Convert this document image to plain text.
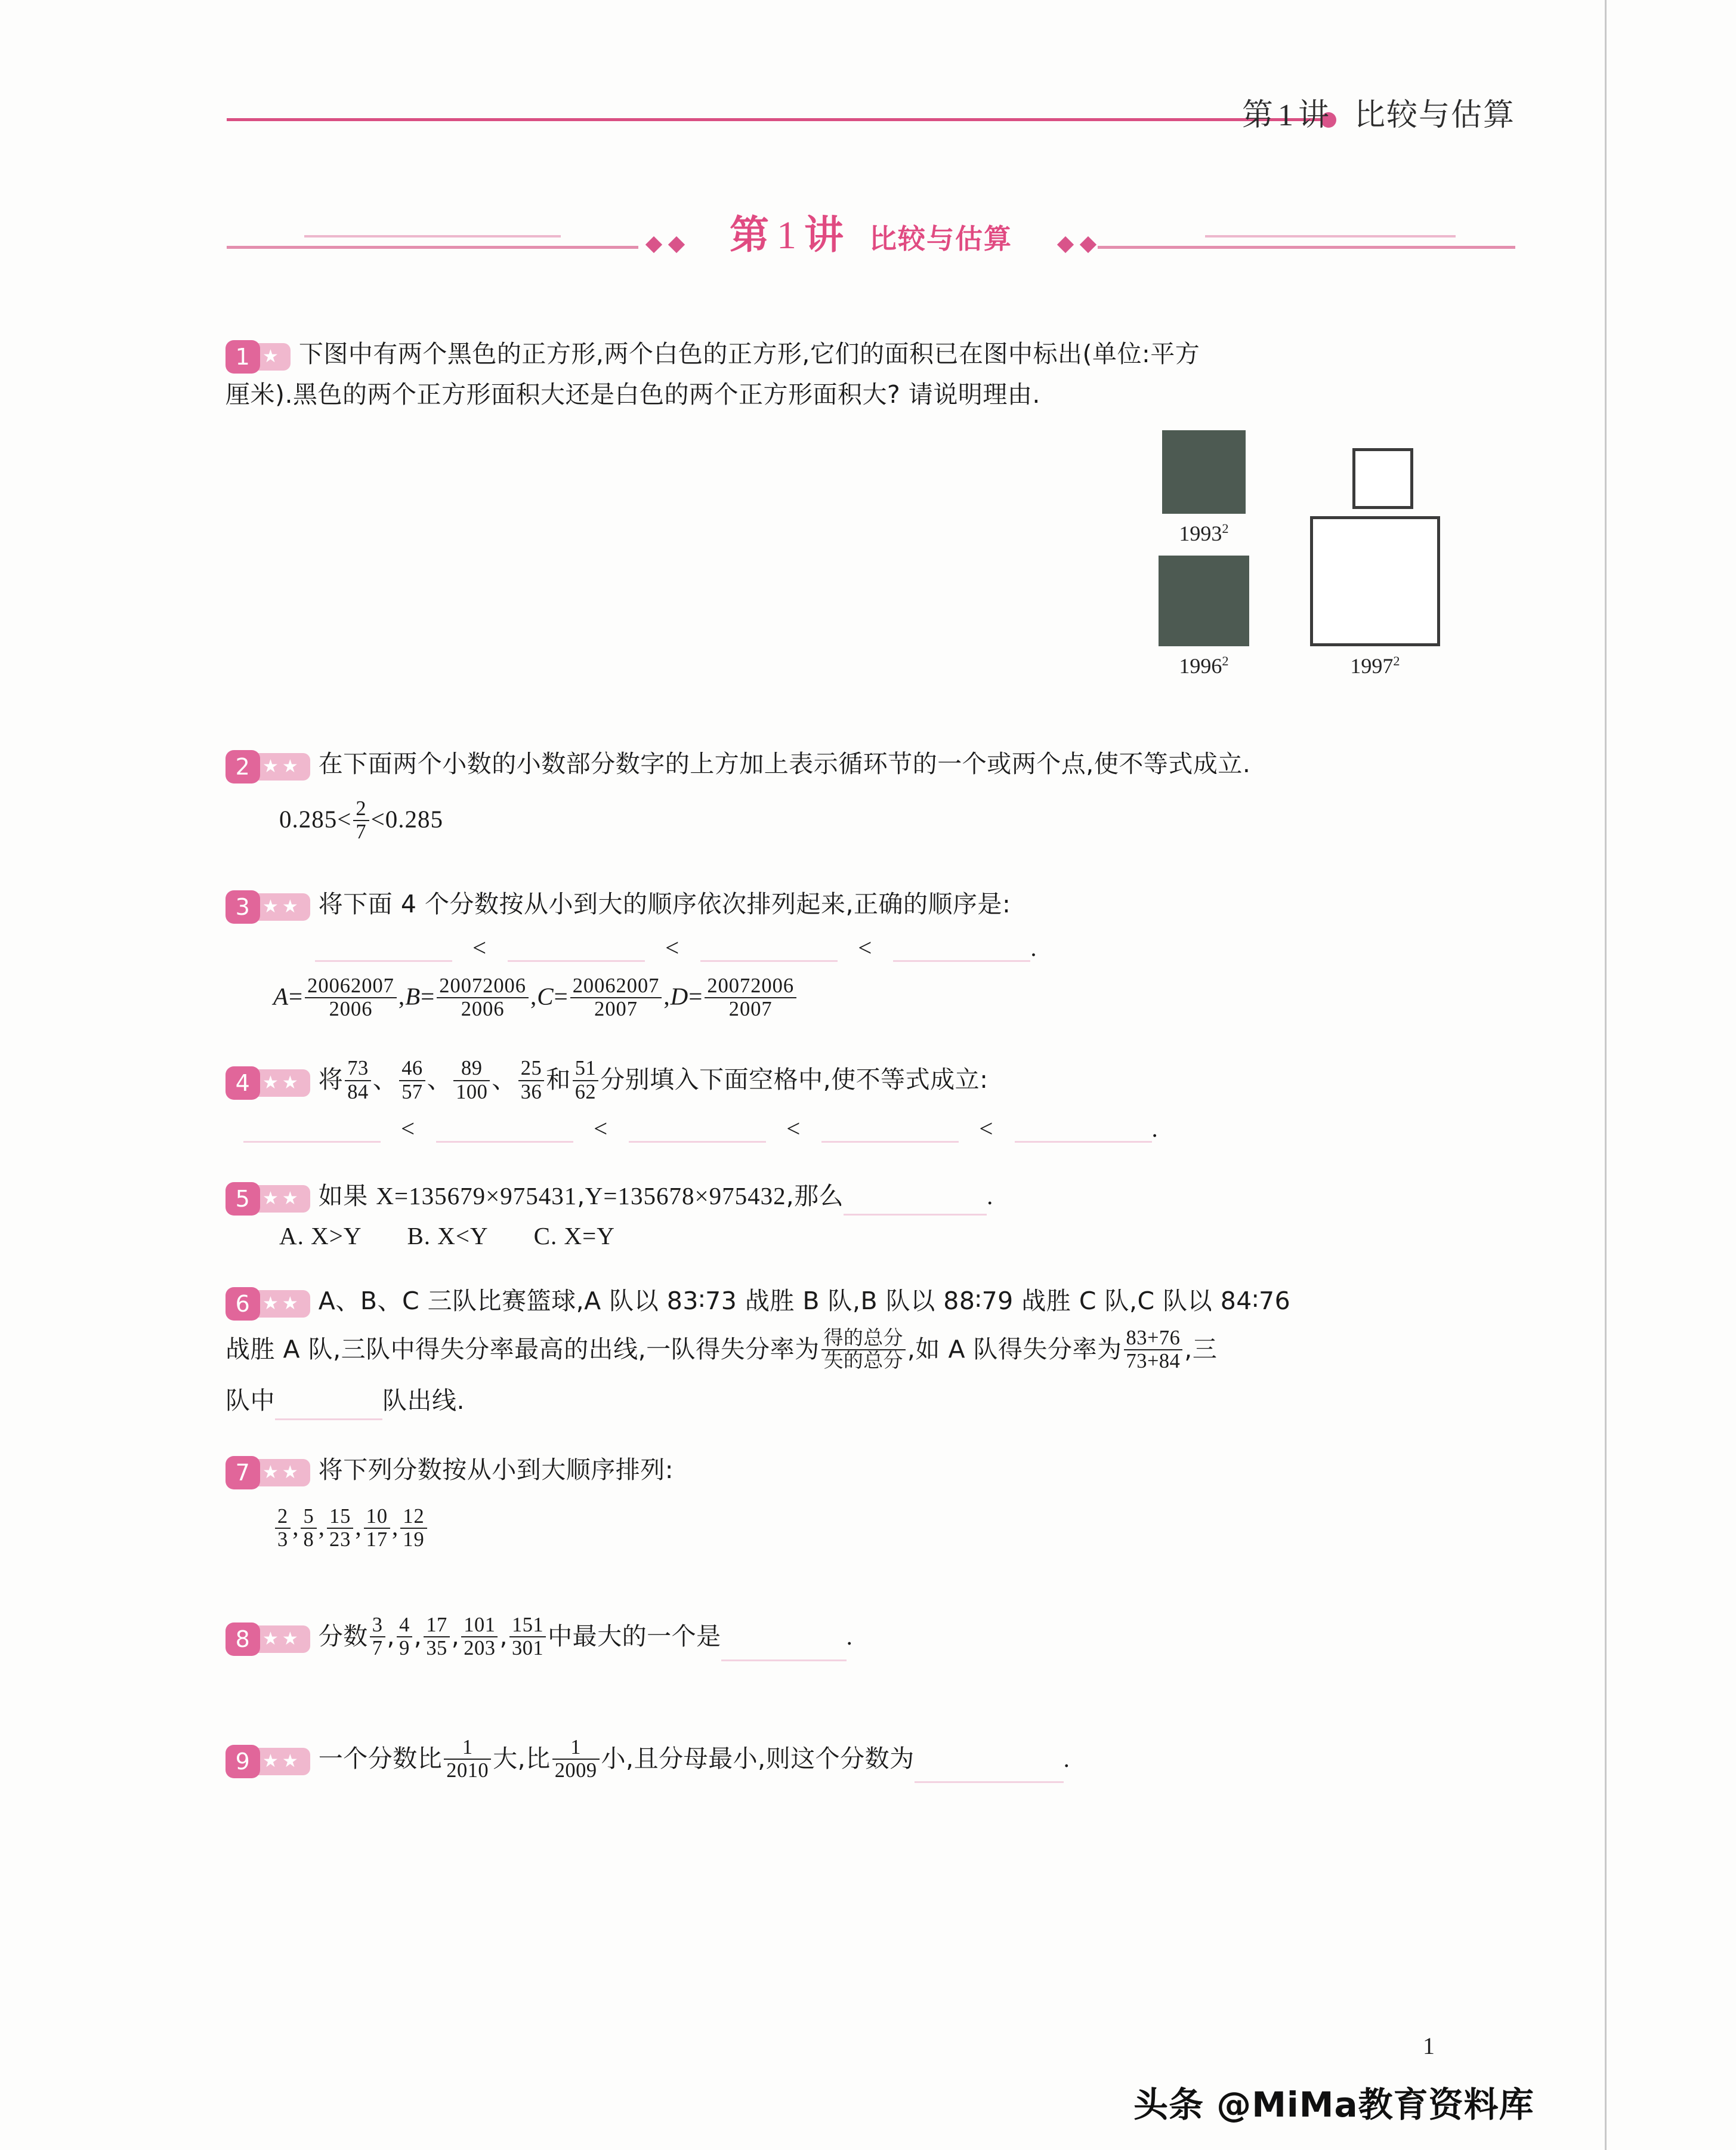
第 1 讲 比较与估算
第 1 讲 比较与估算
1 ★ 下图中有两个黑色的正方形,两个白色的正方形,它们的面积已在图中标出(单位:平方
厘米).黑色的两个正方形面积大还是白色的两个正方形面积大? 请说明理由.
1993$^2$
1996$^2$	1997$^2$
2 ★★ 在下面两个小数的小数部分数字的上方加上表示循环节的一个或两个点,使不等式成立.
$0.285< \frac{2}{7} <0.285$
3 ★★ 将下面 4 个分数按从小到大的顺序依次排列起来,正确的顺序是:
<	<	<	.
$A= \frac{20062007}{2006} ,B= \frac{20072006}{2006} ,C= \frac{20062007}{2007} ,D= \frac{20072006}{2007}$
4 ★★ 将 $\frac{73}{84}$ 、 $\frac{46}{57}$ 、 $\frac{89}{100}$ 、 $\frac{25}{36}$ 和 $\frac{51}{62}$ 分别填入下面空格中,使不等式成立:
<	<	<	<	.
5 ★★ 如果 X=135679×975431,Y=135678×975432,那么	.
A. X>Y B. X<Y C. X=Y
6 ★★ A、B、C 三队比赛篮球,A 队以 83∶73 战胜 B 队,B 队以 88∶79 战胜 C 队,C 队以 84∶76
战胜 A 队,三队中得失分率最高的出线,一队得失分率为 $\frac{\text{得的总分}}{\text{失的总分}}$ ,如 A 队得失分率为 $\frac{83+76}{73+84}$ ,三
队中	队出线.
7 ★★ 将下列分数按从小到大顺序排列:
$\frac{2}{3}$ , $\frac{5}{8}$ , $\frac{15}{23}$ , $\frac{10}{17}$ , $\frac{12}{19}$
8 ★★ 分数 $\frac{3}{7}$ , $\frac{4}{9}$ , $\frac{17}{35}$ , $\frac{101}{203}$ , $\frac{151}{301}$ 中最大的一个是	.
9 ★★ 一个分数比 $\frac{1}{2010}$ 大,比 $\frac{1}{2009}$ 小,且分母最小,则这个分数为	.
1
头条 @MiMa教育资料库
